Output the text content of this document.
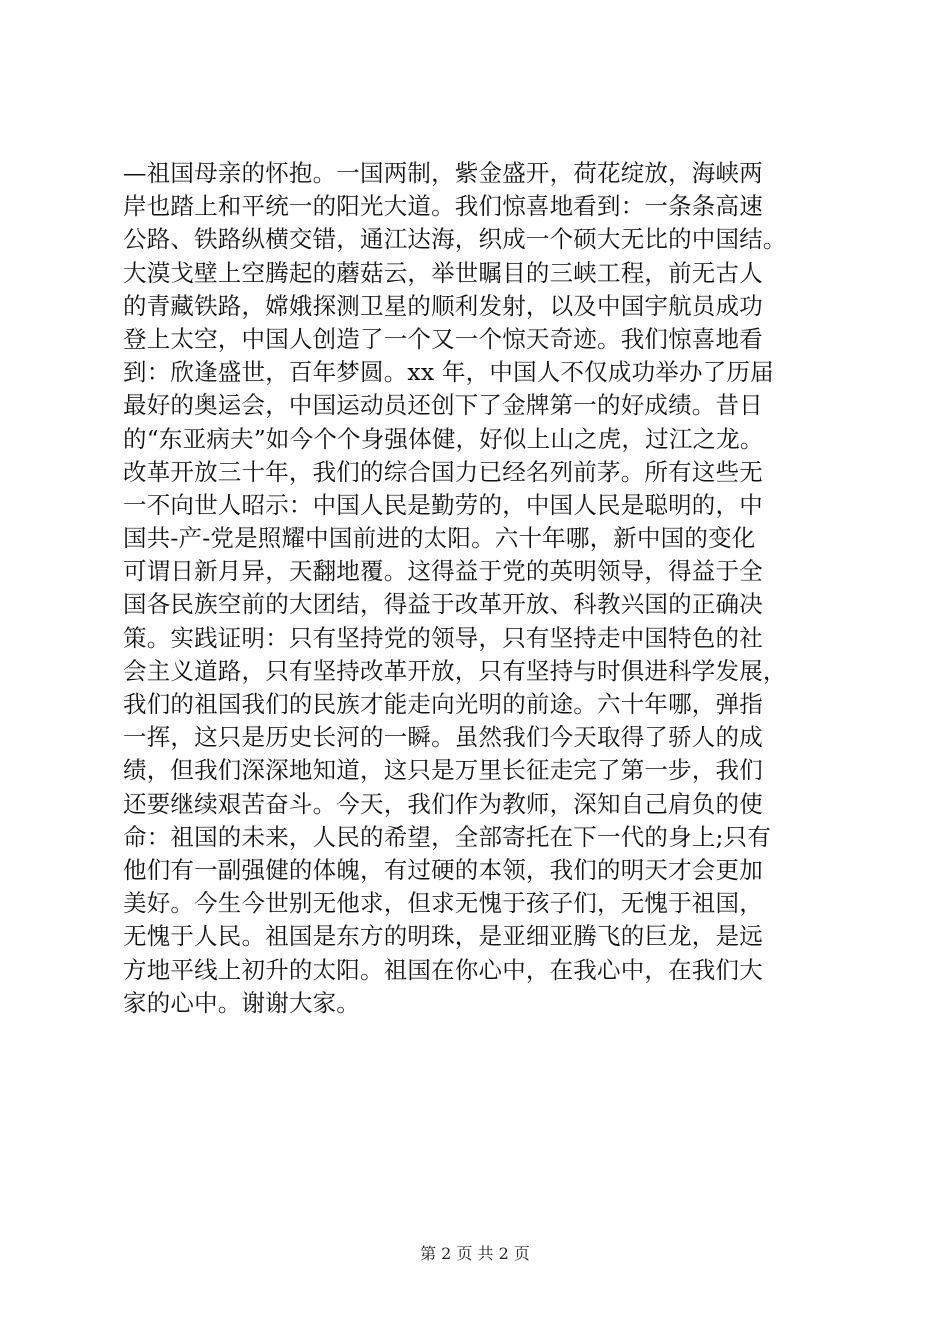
—祖国母亲的怀抱。一国两制，紫金盛开，荷花绽放，海峡两
岸也踏上和平统一的阳光大道。我们惊喜地看到：一条条高速
公路、铁路纵横交错，通江达海，织成一个硕大无比的中国结。
大漠戈壁上空腾起的蘑菇云，举世瞩目的三峡工程，前无古人
的青藏铁路，嫦娥探测卫星的顺利发射，以及中国宇航员成功
登上太空，中国人创造了一个又一个惊天奇迹。我们惊喜地看
到：欣逢盛世，百年梦圆。xx 年，中国人不仅成功举办了历届
最好的奥运会，中国运动员还创下了金牌第一的好成绩。昔日
的“东亚病夫”如今个个身强体健，好似上山之虎，过江之龙。
改革开放三十年，我们的综合国力已经名列前茅。所有这些无
一不向世人昭示：中国人民是勤劳的，中国人民是聪明的，中
国共-产-党是照耀中国前进的太阳。六十年哪，新中国的变化
可谓日新月异，天翻地覆。这得益于党的英明领导，得益于全
国各民族空前的大团结，得益于改革开放、科教兴国的正确决
策。实践证明：只有坚持党的领导，只有坚持走中国特色的社
会主义道路，只有坚持改革开放，只有坚持与时俱进科学发展，
我们的祖国我们的民族才能走向光明的前途。六十年哪，弹指
一挥，这只是历史长河的一瞬。虽然我们今天取得了骄人的成
绩，但我们深深地知道，这只是万里长征走完了第一步，我们
还要继续艰苦奋斗。今天，我们作为教师，深知自己肩负的使
命：祖国的未来，人民的希望，全部寄托在下一代的身上;只有
他们有一副强健的体魄，有过硬的本领，我们的明天才会更加
美好。今生今世别无他求，但求无愧于孩子们，无愧于祖国，
无愧于人民。祖国是东方的明珠，是亚细亚腾飞的巨龙，是远
方地平线上初升的太阳。祖国在你心中，在我心中，在我们大
家的心中。谢谢大家。
第 2 页 共 2 页
